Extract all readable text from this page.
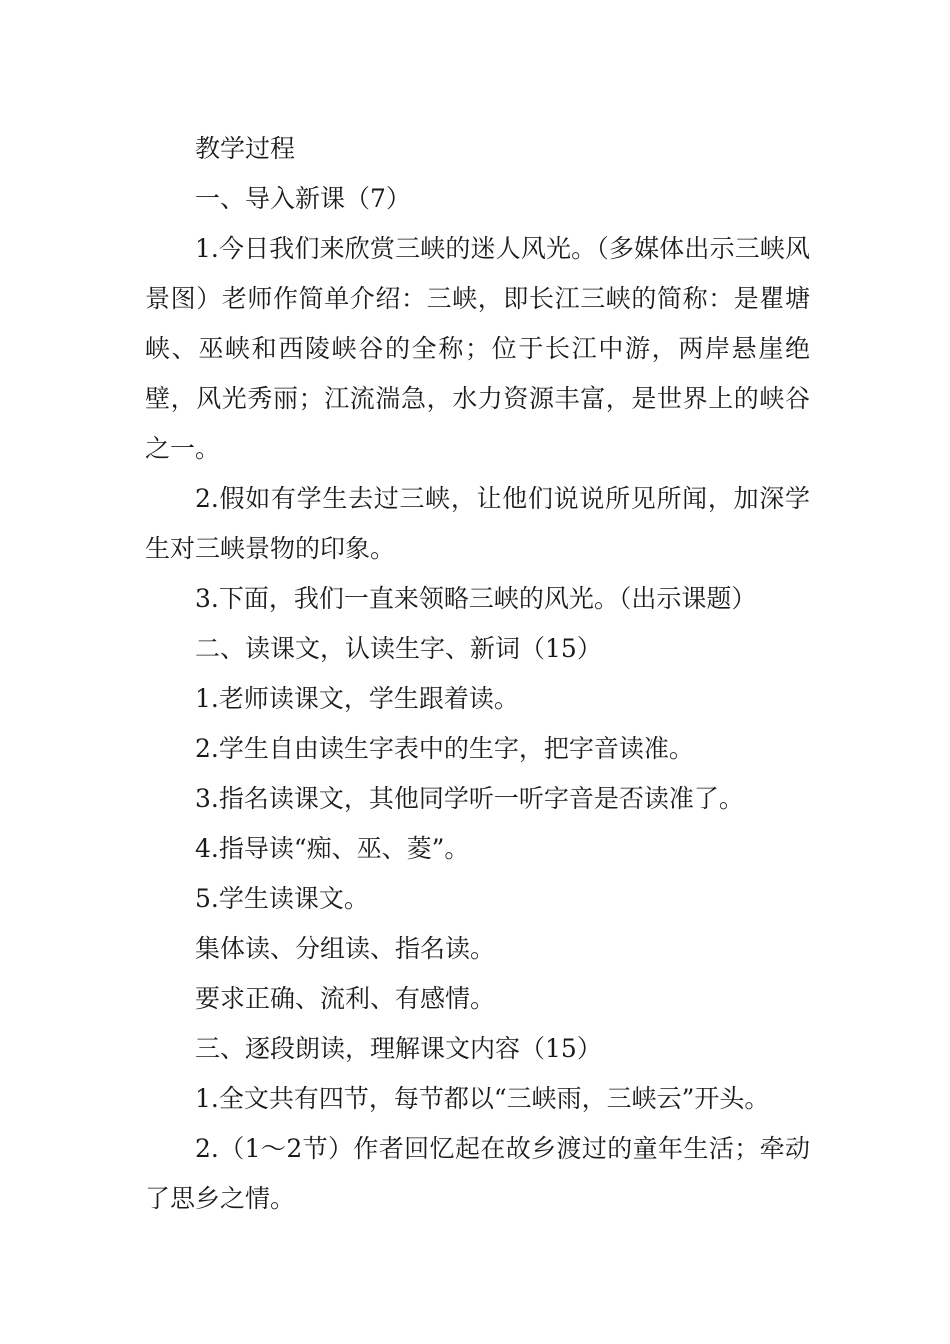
教学过程

一、导入新课（7）

1.今日我们来欣赏三峡的迷人风光。（多媒体出示三峡风景图）老师作简单介绍：三峡，即长江三峡的简称：是瞿塘峡、巫峡和西陵峡谷的全称；位于长江中游，两岸悬崖绝壁，风光秀丽；江流湍急，水力资源丰富，是世界上的峡谷之一。

2.假如有学生去过三峡，让他们说说所见所闻，加深学生对三峡景物的印象。

3.下面，我们一直来领略三峡的风光。（出示课题）

二、读课文，认读生字、新词（15）

1.老师读课文，学生跟着读。

2.学生自由读生字表中的生字，把字音读准。

3.指名读课文，其他同学听一听字音是否读准了。

4.指导读“痴、巫、菱”。

5.学生读课文。

集体读、分组读、指名读。

要求正确、流利、有感情。

三、逐段朗读，理解课文内容（15）

1.全文共有四节，每节都以“三峡雨，三峡云”开头。

2.（1～2节）作者回忆起在故乡渡过的童年生活；牵动了思乡之情。
